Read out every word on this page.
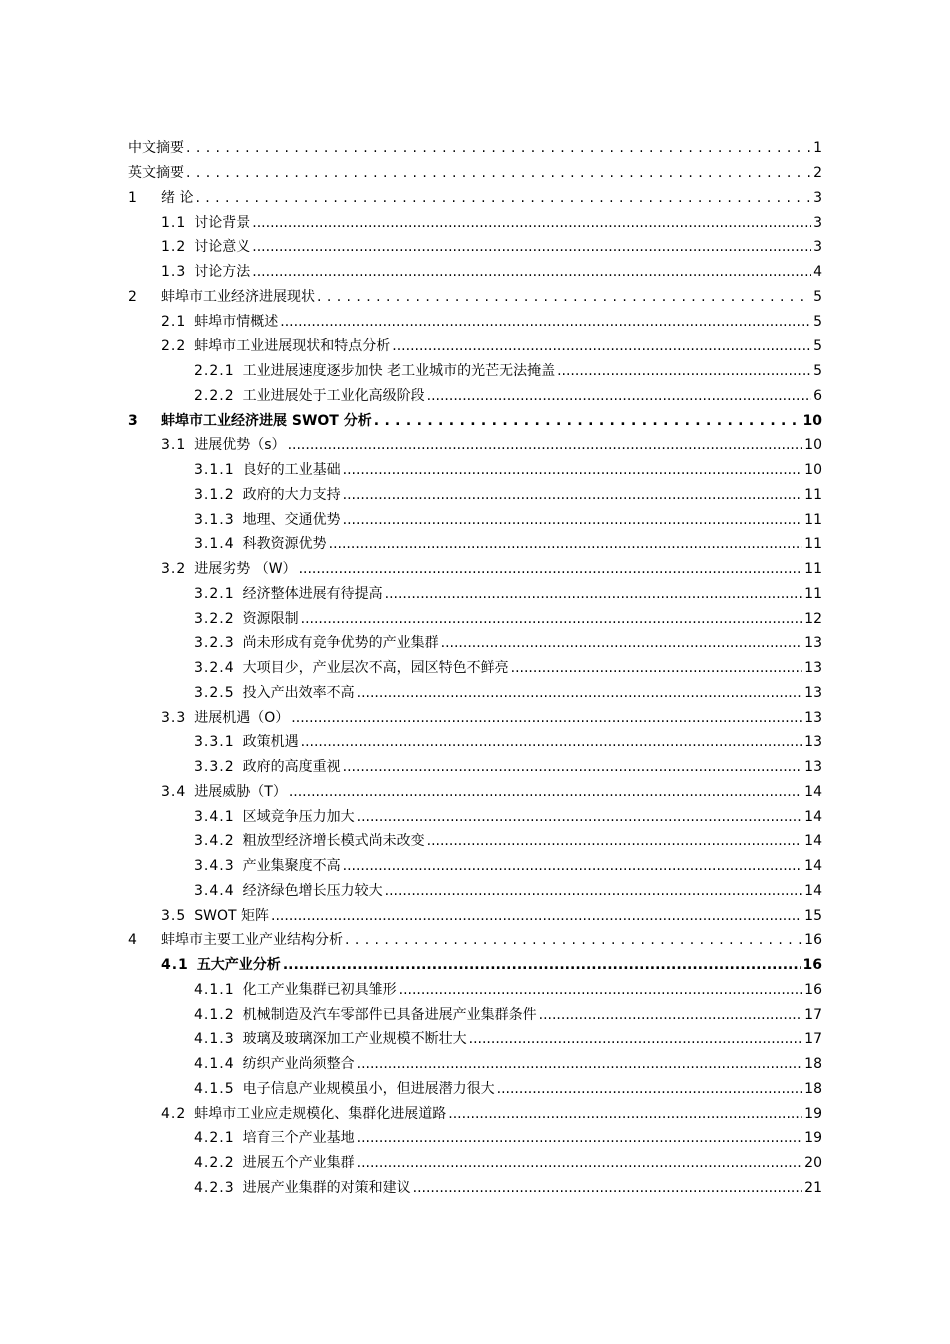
中文摘要 .....	1
英文摘要 .....	2
1	绪 论 .....	3
1.1 讨论背景 .....	3
1.2 讨论意义 .....	3
1.3 讨论方法 .....	4
2	蚌埠市工业经济进展现状 .....	5
2.1 蚌埠市情概述 .....	5
2.2 蚌埠市工业进展现状和特点分析 .....	5
2.2.1 工业进展速度逐步加快 老工业城市的光芒无法掩盖 .....	5
2.2.2 工业进展处于工业化高级阶段 .....	6
3	蚌埠市工业经济进展 SWOT 分析 .....	10
3.1 进展优势（s） .....	10
3.1.1 良好的工业基础 .....	10
3.1.2 政府的大力支持 .....	11
3.1.3 地理、交通优势 .....	11
3.1.4 科教资源优势 .....	11
3.2 进展劣势 （W） .....	11
3.2.1 经济整体进展有待提高 .....	11
3.2.2 资源限制 .....	12
3.2.3 尚未形成有竞争优势的产业集群 .....	13
3.2.4 大项目少，产业层次不高，园区特色不鲜亮 .....	13
3.2.5 投入产出效率不高 .....	13
3.3 进展机遇（O） .....	13
3.3.1 政策机遇 .....	13
3.3.2 政府的高度重视 .....	13
3.4 进展威胁（T） .....	14
3.4.1 区域竞争压力加大 .....	14
3.4.2 粗放型经济增长模式尚未改变 .....	14
3.4.3 产业集聚度不高 .....	14
3.4.4 经济绿色增长压力较大 .....	14
3.5 SWOT 矩阵 .....	15
4	蚌埠市主要工业产业结构分析 .....	16
4.1 五大产业分析 .....	16
4.1.1 化工产业集群已初具雏形 .....	16
4.1.2 机械制造及汽车零部件已具备进展产业集群条件 .....	17
4.1.3 玻璃及玻璃深加工产业规模不断壮大 .....	17
4.1.4 纺织产业尚须整合 .....	18
4.1.5 电子信息产业规模虽小，但进展潜力很大 .....	18
4.2 蚌埠市工业应走规模化、集群化进展道路 .....	19
4.2.1 培育三个产业基地 .....	19
4.2.2 进展五个产业集群 .....	20
4.2.3 进展产业集群的对策和建议 .....	21
